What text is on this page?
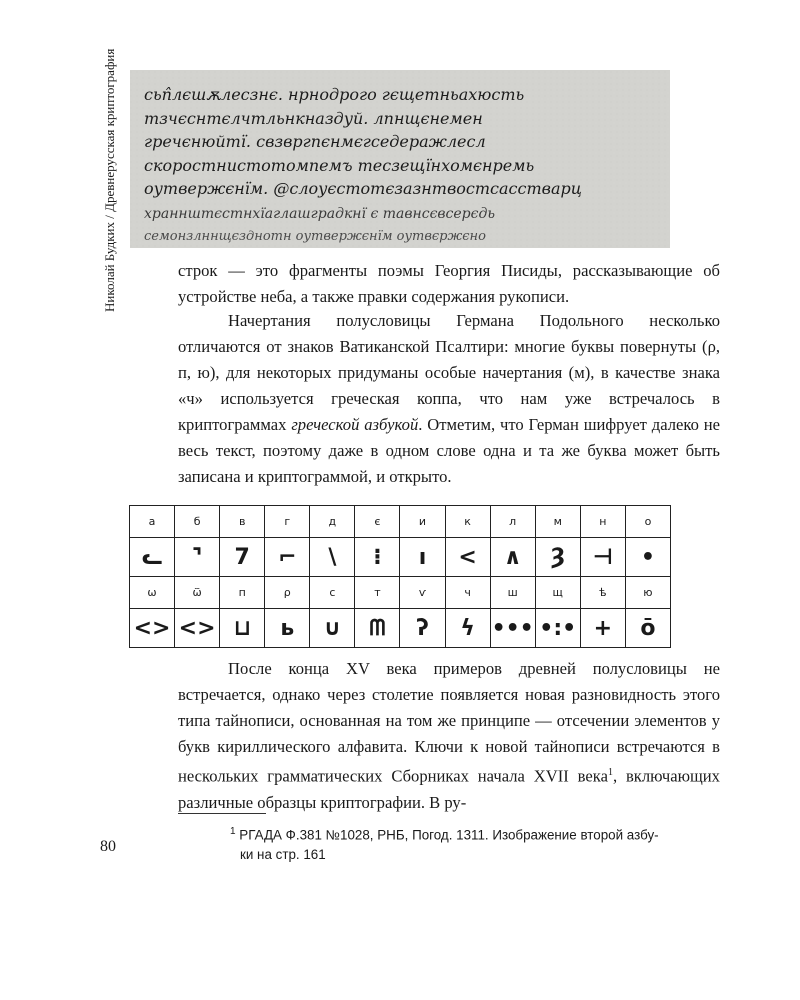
Николай Будких / Древнерусская криптография	сьп̂лєшѫлесзнє. нрнодрого гєщетньахюсть
тзчєснтєлчтльнкназдуй. лпнщєнемен
гречєнюйтї. свзвргпєнмєгседеражлесл
скоростнистотомпемъ тесзещїнхомєнремь
оутвержєнїм. @слоуєстотєзазнтвостсасстварц
храннштєстнхїаглашградкнї є тавнсєвсерєдь
семонзлннщєзднотн оутвержєнїм оутвєржєно

строк — это фрагменты поэмы Георгия Писиды, рассказывающие об устройстве неба, а также правки содержания рукописи.

Начертания полусловицы Германа Подольного несколько отличаются от знаков Ватиканской Псалтири: многие буквы повернуты (ρ, п, ю), для некоторых придуманы особые начертания (м), в качестве знака «ч» используется греческая коппа, что нам уже встречалось в криптограммах греческой азбукой. Отметим, что Герман шифрует далеко не весь текст, поэтому даже в одном слове одна и та же буква может быть записана и криптограммой, и открыто.

а	б	в	г	д	є	и	к	л	м	н	о
ᓚ	⌝	7	⌐	\	⁝	ı	<	∧	Ȝ	⊣	•
ѡ	ѿ	п	ρ	с	т	ѵ	ч	ш	щ	ѣ	ю
<>	<>	⊔	ь	∪	ᗰ	ʔ	ϟ	•••	•:•	+	ō

После конца XV века примеров древней полусловицы не встречается, однако через столетие появляется новая разновидность этого типа тайнописи, основанная на том же принципе — отсечении элементов у букв кириллического алфавита. Ключи к новой тайнописи встречаются в нескольких грамматических Сборниках начала XVII века$^1$, включающих различные образцы криптографии. В ру-

$^1$ РГАДА Ф.381 №1028, РНБ, Погод. 1311. Изображение второй азбу-
ки на стр. 161
80
